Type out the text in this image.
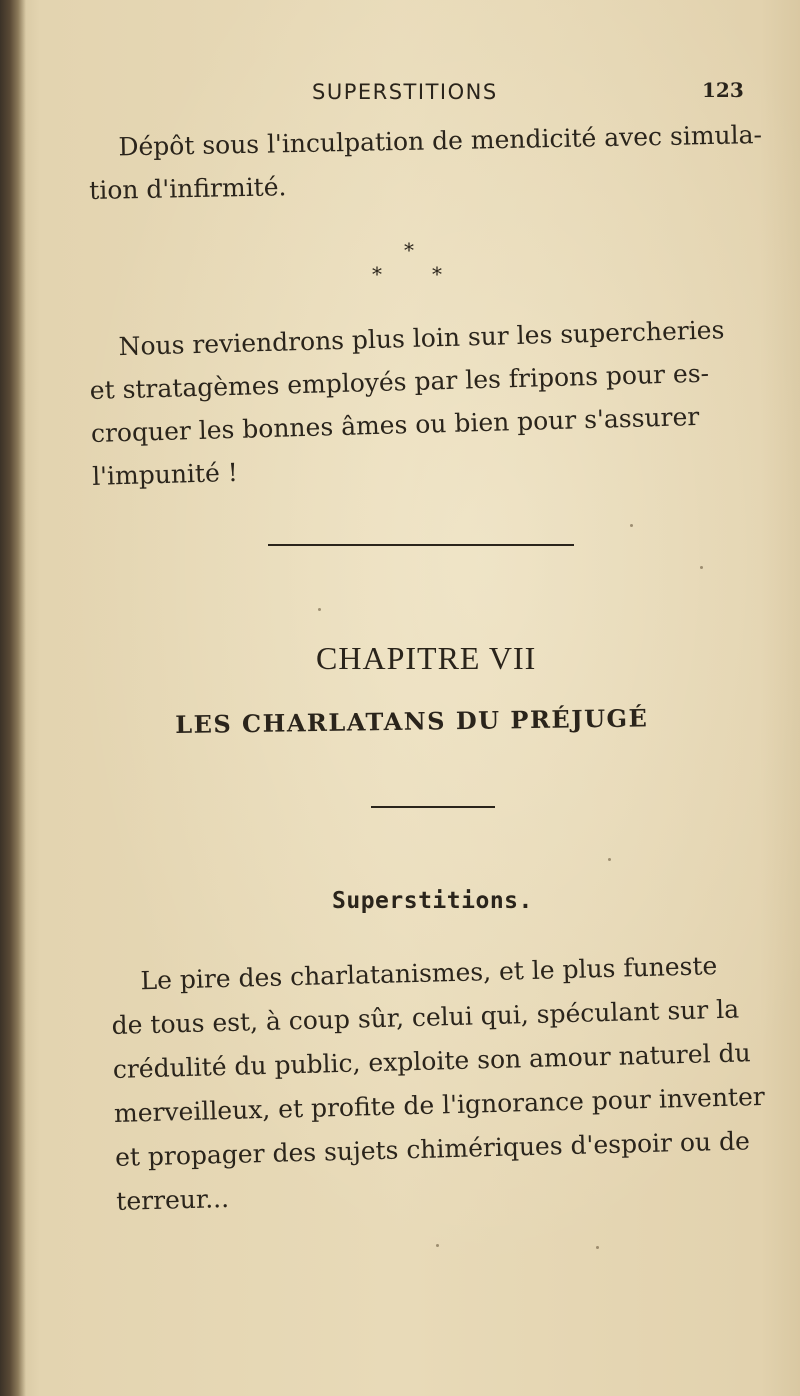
SUPERSTITIONS	123

Dépôt sous l'inculpation de mendicité avec simula-
tion d'infirmité.

*
*	*

Nous reviendrons plus loin sur les supercheries
et stratagèmes employés par les fripons pour es-
croquer les bonnes âmes ou bien pour s'assurer
l'impunité !

CHAPITRE VII
LES CHARLATANS DU PRÉJUGÉ
Superstitions.

Le pire des charlatanismes, et le plus funeste
de tous est, à coup sûr, celui qui, spéculant sur la
crédulité du public, exploite son amour naturel du
merveilleux, et profite de l'ignorance pour inventer
et propager des sujets chimériques d'espoir ou de
terreur...
